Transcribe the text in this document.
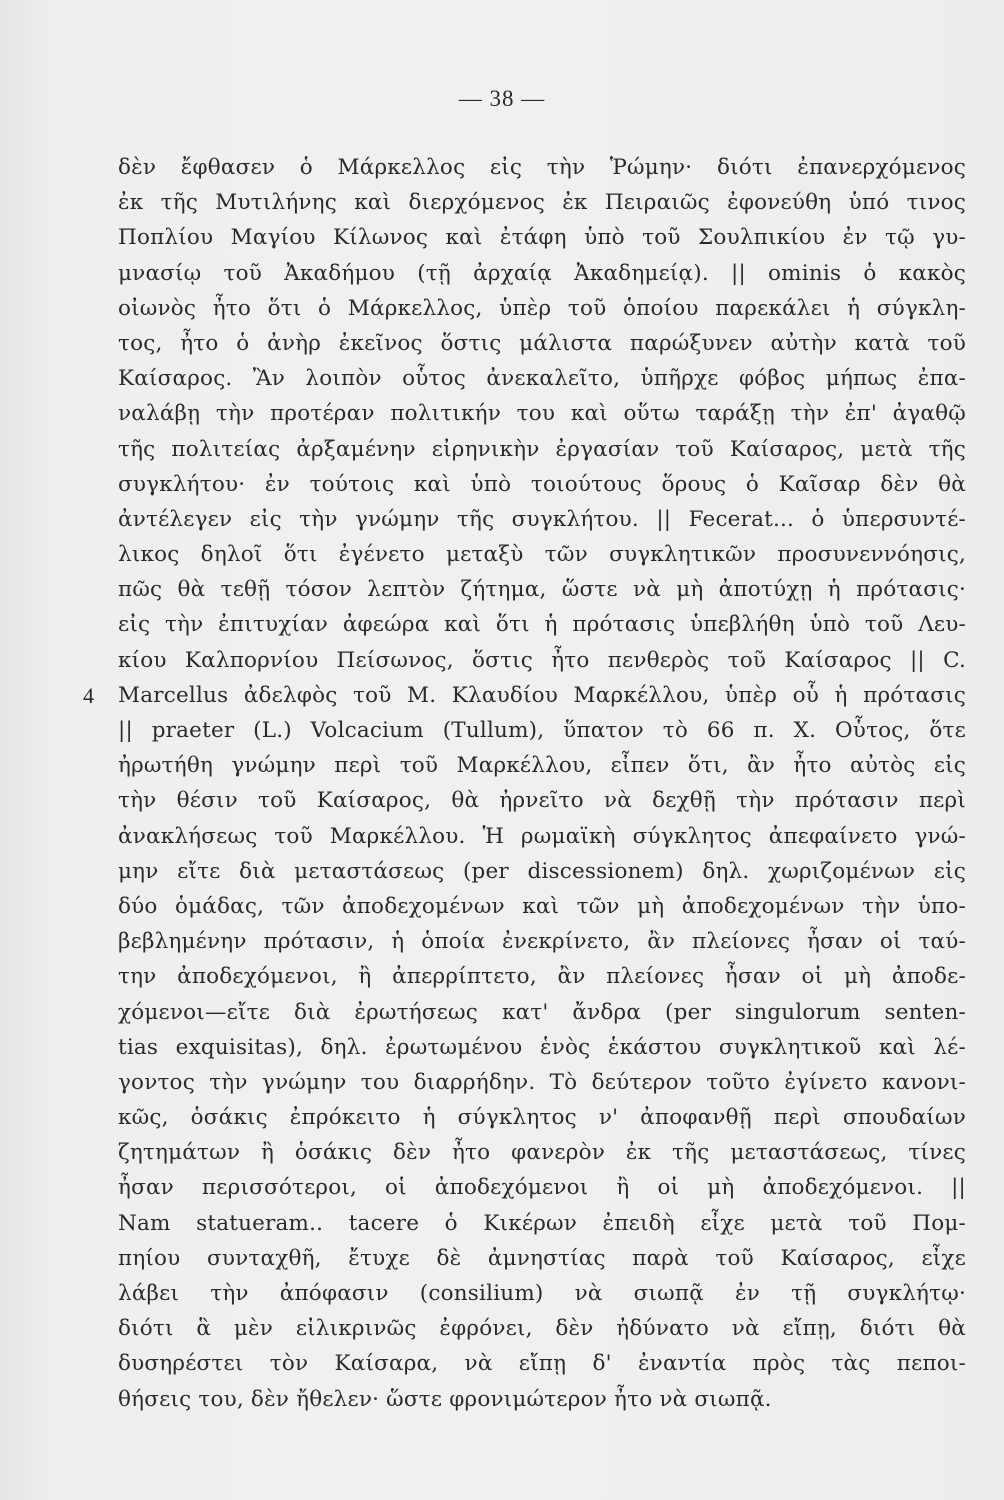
— 38 —
4
δὲν ἔφθασεν ὁ Μάρκελλος εἰς τὴν Ῥώμην· διότι ἐπανερχόμενος
ἐκ τῆς Μυτιλήνης καὶ διερχόμενος ἐκ Πειραιῶς ἐφονεύθη ὑπό τινος
Ποπλίου Μαγίου Κίλωνος καὶ ἐτάφη ὑπὸ τοῦ Σουλπικίου ἐν τῷ γυ-
μνασίῳ τοῦ Ἀκαδήμου (τῇ ἀρχαίᾳ Ἀκαδημείᾳ). || ominis ὁ κακὸς
οἰωνὸς ἦτο ὅτι ὁ Μάρκελλος, ὑπὲρ τοῦ ὁποίου παρεκάλει ἡ σύγκλη-
τος, ἦτο ὁ ἀνὴρ ἐκεῖνος ὅστις μάλιστα παρώξυνεν αὐτὴν κατὰ τοῦ
Καίσαρος. Ἂν λοιπὸν οὗτος ἀνεκαλεῖτο, ὑπῆρχε φόβος μήπως ἐπα-
ναλάβῃ τὴν προτέραν πολιτικήν του καὶ οὕτω ταράξῃ τὴν ἐπ' ἀγαθῷ
τῆς πολιτείας ἀρξαμένην εἰρηνικὴν ἐργασίαν τοῦ Καίσαρος, μετὰ τῆς
συγκλήτου· ἐν τούτοις καὶ ὑπὸ τοιούτους ὅρους ὁ Καῖσαρ δὲν θὰ
ἀντέλεγεν εἰς τὴν γνώμην τῆς συγκλήτου. || Fecerat... ὁ ὑπερσυντέ-
λικος δηλοῖ ὅτι ἐγένετο μεταξὺ τῶν συγκλητικῶν προσυνεννόησις,
πῶς θὰ τεθῇ τόσον λεπτὸν ζήτημα, ὥστε νὰ μὴ ἀποτύχῃ ἡ πρότασις·
εἰς τὴν ἐπιτυχίαν ἀφεώρα καὶ ὅτι ἡ πρότασις ὑπεβλήθη ὑπὸ τοῦ Λευ-
κίου Καλπορνίου Πείσωνος, ὅστις ἦτο πενθερὸς τοῦ Καίσαρος || C.
Marcellus ἀδελφὸς τοῦ Μ. Κλαυδίου Μαρκέλλου, ὑπὲρ οὗ ἡ πρότασις
|| praeter (L.) Volcacium (Tullum), ὕπατον τὸ 66 π. Χ. Οὗτος, ὅτε
ἠρωτήθη γνώμην περὶ τοῦ Μαρκέλλου, εἶπεν ὅτι, ἂν ἦτο αὐτὸς εἰς
τὴν θέσιν τοῦ Καίσαρος, θὰ ἠρνεῖτο νὰ δεχθῇ τὴν πρότασιν περὶ
ἀνακλήσεως τοῦ Μαρκέλλου. Ἡ ρωμαϊκὴ σύγκλητος ἀπεφαίνετο γνώ-
μην εἴτε διὰ μεταστάσεως (per discessionem) δηλ. χωριζομένων εἰς
δύο ὁμάδας, τῶν ἀποδεχομένων καὶ τῶν μὴ ἀποδεχομένων τὴν ὑπο-
βεβλημένην πρότασιν, ἡ ὁποία ἐνεκρίνετο, ἂν πλείονες ἦσαν οἱ ταύ-
την ἀποδεχόμενοι, ἢ ἀπερρίπτετο, ἂν πλείονες ἦσαν οἱ μὴ ἀποδε-
χόμενοι—εἴτε διὰ ἐρωτήσεως κατ' ἄνδρα (per singulorum senten-
tias exquisitas), δηλ. ἐρωτωμένου ἑνὸς ἑκάστου συγκλητικοῦ καὶ λέ-
γοντος τὴν γνώμην του διαρρήδην. Τὸ δεύτερον τοῦτο ἐγίνετο κανονι-
κῶς, ὁσάκις ἐπρόκειτο ἡ σύγκλητος ν' ἀποφανθῇ περὶ σπουδαίων
ζητημάτων ἢ ὁσάκις δὲν ἦτο φανερὸν ἐκ τῆς μεταστάσεως, τίνες
ἦσαν περισσότεροι, οἱ ἀποδεχόμενοι ἢ οἱ μὴ ἀποδεχόμενοι. ||
Nam statueram.. tacere ὁ Κικέρων ἐπειδὴ εἶχε μετὰ τοῦ Πομ-
πηίου συνταχθῆ, ἔτυχε δὲ ἀμνηστίας παρὰ τοῦ Καίσαρος, εἶχε
λάβει τὴν ἀπόφασιν (consilium) νὰ σιωπᾷ ἐν τῇ συγκλήτῳ·
διότι ἃ μὲν εἰλικρινῶς ἐφρόνει, δὲν ἠδύνατο νὰ εἴπῃ, διότι θὰ
δυσηρέστει τὸν Καίσαρα, νὰ εἴπῃ δ' ἐναντία πρὸς τὰς πεποι-
θήσεις του, δὲν ἤθελεν· ὥστε φρονιμώτερον ἦτο νὰ σιωπᾷ.
